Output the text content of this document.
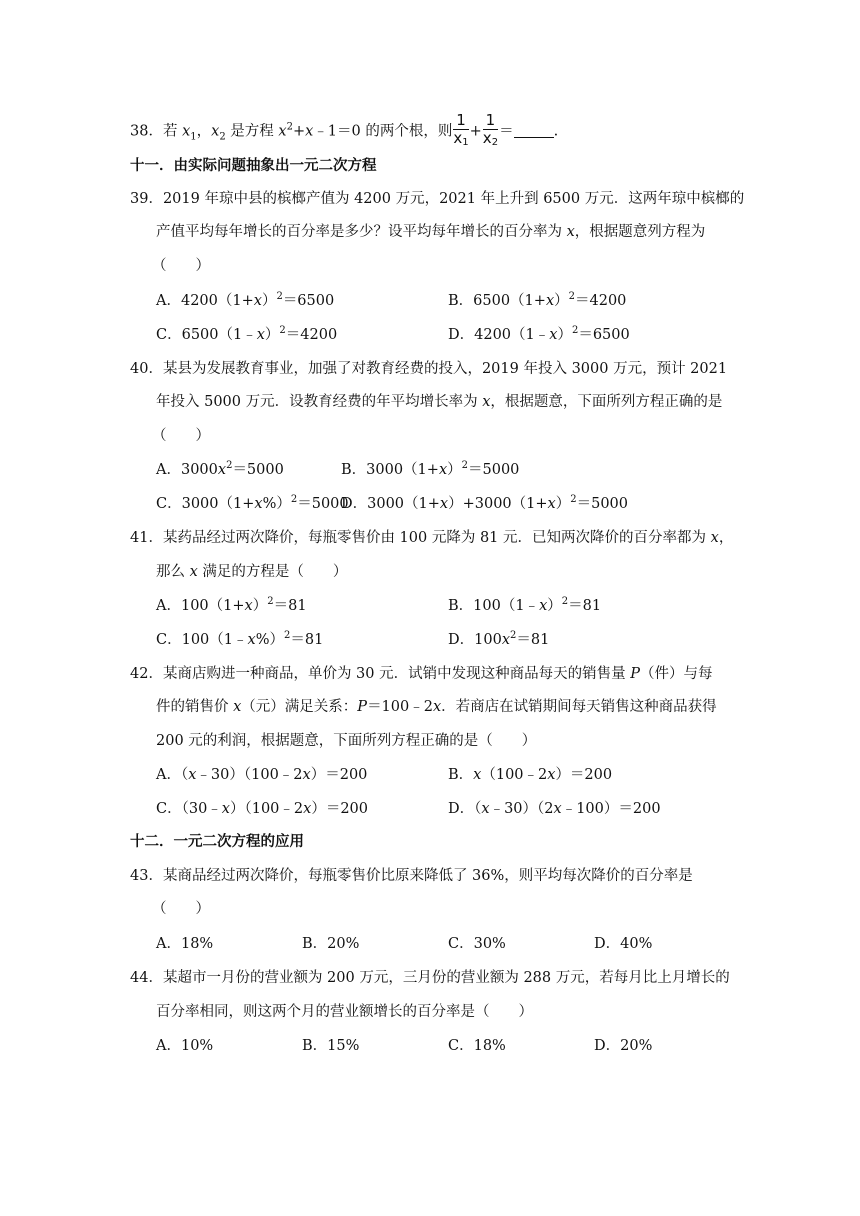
38．若 $x_1$，$x_2$ 是方程 $x^2+x﹣1=0$ 的两个根，则 $\frac{1}{x_1} + \frac{1}{x_2}$ ＝	.
十一．由实际问题抽象出一元二次方程
39．2019 年琼中县的槟榔产值为 4200 万元，2021 年上升到 6500 万元．这两年琼中槟榔的
产值平均每年增长的百分率是多少？设平均每年增长的百分率为 x，根据题意列方程为
（　　）
A．$4200(1+x)^2=6500$	B．$6500(1+x)^2=4200$
C．6500（1﹣x）$^2$＝4200	D．4200（1﹣x）$^2$＝6500
40．某县为发展教育事业，加强了对教育经费的投入，2019 年投入 3000 万元，预计 2021
年投入 5000 万元．设教育经费的年平均增长率为 x，根据题意，下面所列方程正确的是
（　　）
A．$3000x^2=5000$	B．$3000(1+x)^2=5000$
C．$3000(1+x\%)^2=5000$
D．$3000(1+x)+3000(1+x)^2=5000$
41．某药品经过两次降价，每瓶零售价由 100 元降为 81 元．已知两次降价的百分率都为 x，
那么 x 满足的方程是（　　）
A．$100(1+x)^2=81$	B．100（1﹣x）$^2$＝81
C．100（1﹣x%）$^2$＝81	D．$100x^2=81$
42．某商店购进一种商品，单价为 30 元．试销中发现这种商品每天的销售量 P（件）与每
件的销售价 x（元）满足关系：P＝100﹣2x．若商店在试销期间每天销售这种商品获得
200 元的利润，根据题意，下面所列方程正确的是（　　）
A．（x﹣30）（100﹣2x）＝200	B．x（100﹣2x）＝200
C．（30﹣x）（100﹣2x）＝200	D．（x﹣30）（2x﹣100）＝200
十二．一元二次方程的应用
43．某商品经过两次降价，每瓶零售价比原来降低了 36%，则平均每次降价的百分率是
（　　）
A．18%	B．20%	C．30%	D．40%
44．某超市一月份的营业额为 200 万元，三月份的营业额为 288 万元，若每月比上月增长的
百分率相同，则这两个月的营业额增长的百分率是（　　）
A．10%	B．15%	C．18%	D．20%
